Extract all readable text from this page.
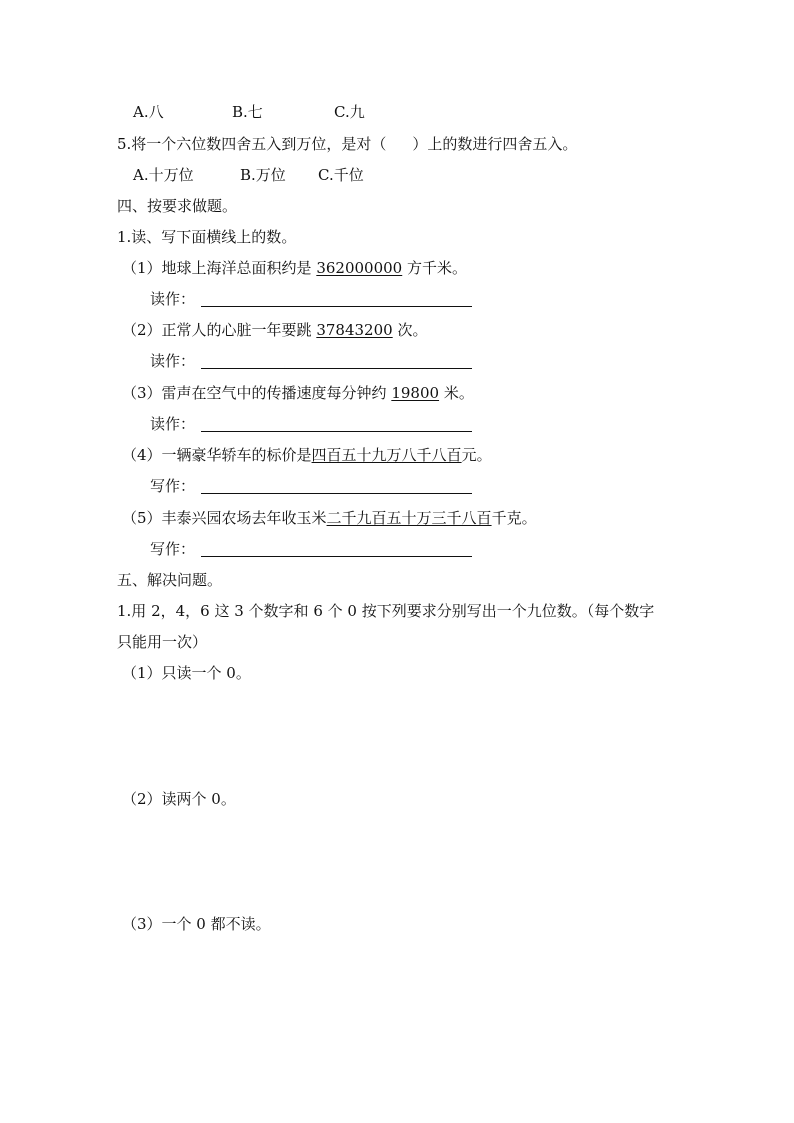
A.八	B.七	C.九
5.将一个六位数四舍五入到万位，是对（ ）上的数进行四舍五入。
A.十万位	B.万位 C.千位
四、按要求做题。
1.读、写下面横线上的数。
（1）地球上海洋总面积约是 362000000 方千米。
读作：
（2）正常人的心脏一年要跳 37843200 次。
读作：
（3）雷声在空气中的传播速度每分钟约 19800 米。
读作：
（4）一辆豪华轿车的标价是四百五十九万八千八百元。
写作：
（5）丰泰兴园农场去年收玉米二千九百五十万三千八百千克。
写作：
五、解决问题。
1.用 2，4，6 这 3 个数字和 6 个 0 按下列要求分别写出一个九位数。（每个数字
只能用一次）
（1）只读一个 0。
（2）读两个 0。
（3）一个 0 都不读。
